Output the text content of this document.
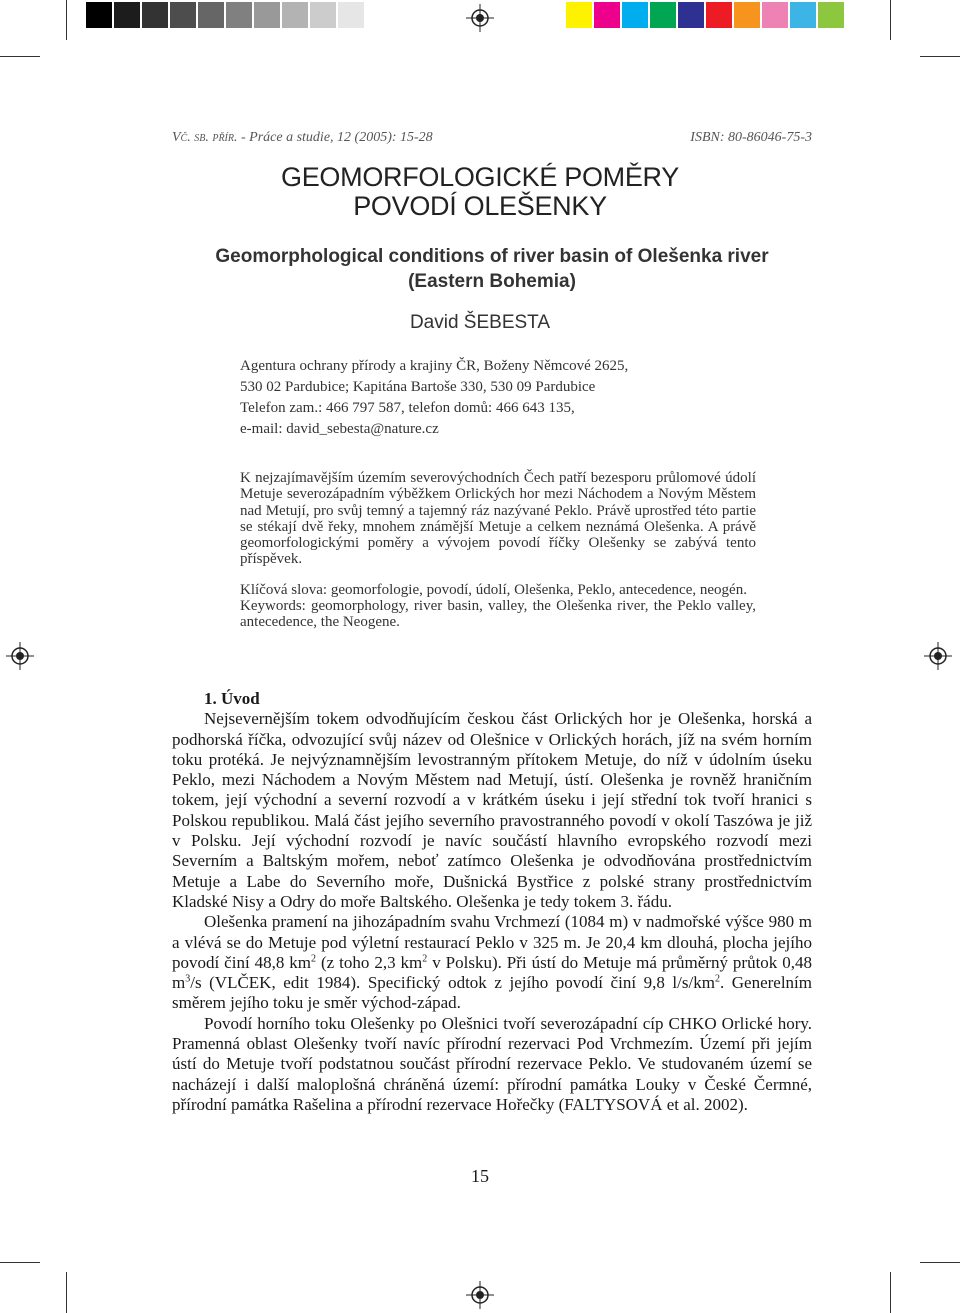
Vč. sb. přír. - Práce a studie, 12 (2005): 15-28	ISBN: 80-86046-75-3
GEOMORFOLOGICKÉ POMĚRY
POVODÍ OLEŠENKY
Geomorphological conditions of river basin of Olešenka river
(Eastern Bohemia)
David ŠEBESTA
Agentura ochrany přírody a krajiny ČR, Boženy Němcové 2625,
530 02 Pardubice; Kapitána Bartoše 330, 530 09 Pardubice
Telefon zam.: 466 797 587, telefon domů: 466 643 135,
e-mail: david_sebesta@nature.cz

K nejzajímavějším územím severovýchodních Čech patří bezesporu průlomové údolí Metuje severozápadním výběžkem Orlických hor mezi Náchodem a Novým Městem nad Metují, pro svůj temný a tajemný ráz nazývané Peklo. Právě uprostřed této partie se stékají dvě řeky, mnohem známější Metuje a celkem neznámá Olešenka. A právě geomorfologickými poměry a vývojem povodí říčky Olešenky se zabývá tento příspěvek.

Klíčová slova: geomorfologie, povodí, údolí, Olešenka, Peklo, antecedence, neogén.

Keywords: geomorphology, river basin, valley, the Olešenka river, the Peklo valley, antecedence, the Neogene.

1. Úvod

Nejsevernějším tokem odvodňujícím českou část Orlických hor je Olešenka, horská a podhorská říčka, odvozující svůj název od Olešnice v Orlických horách, jíž na svém horním toku protéká. Je nejvýznamnějším levostranným přítokem Metuje, do níž v údolním úseku Peklo, mezi Náchodem a Novým Městem nad Metují, ústí. Olešenka je rovněž hraničním tokem, její východní a severní rozvodí a v krátkém úseku i její střední tok tvoří hranici s Polskou republikou. Malá část jejího severního pravostranného povodí v okolí Taszówa je již v Polsku. Její východní rozvodí je navíc součástí hlavního evropského rozvodí mezi Severním a Baltským mořem, neboť zatímco Olešenka je odvodňována prostřednictvím Metuje a Labe do Severního moře, Dušnická Bystřice z polské strany prostřednictvím Kladské Nisy a Odry do moře Baltského. Olešenka je tedy tokem 3. řádu.

Olešenka pramení na jihozápadním svahu Vrchmezí (1084 m) v nadmořské výšce 980 m a vlévá se do Metuje pod výletní restaurací Peklo v 325 m. Je 20,4 km dlouhá, plocha jejího povodí činí 48,8 $km^2$ (z toho 2,3 $km^2$ v Polsku). Při ústí do Metuje má průměrný průtok 0,48 $m^3/s$ (VLČEK, edit 1984). Specifický odtok z jejího povodí činí 9,8 $l/s/km^2$. Generelním směrem jejího toku je směr východ-západ.

Povodí horního toku Olešenky po Olešnici tvoří severozápadní cíp CHKO Orlické hory. Pramenná oblast Olešenky tvoří navíc přírodní rezervaci Pod Vrchmezím. Území při jejím ústí do Metuje tvoří podstatnou součást přírodní rezervace Peklo. Ve studovaném území se nacházejí i další maloplošná chráněná území: přírodní památka Louky v České Čermné, přírodní památka Rašelina a přírodní rezervace Hořečky (FALTYSOVÁ et al. 2002).

15
